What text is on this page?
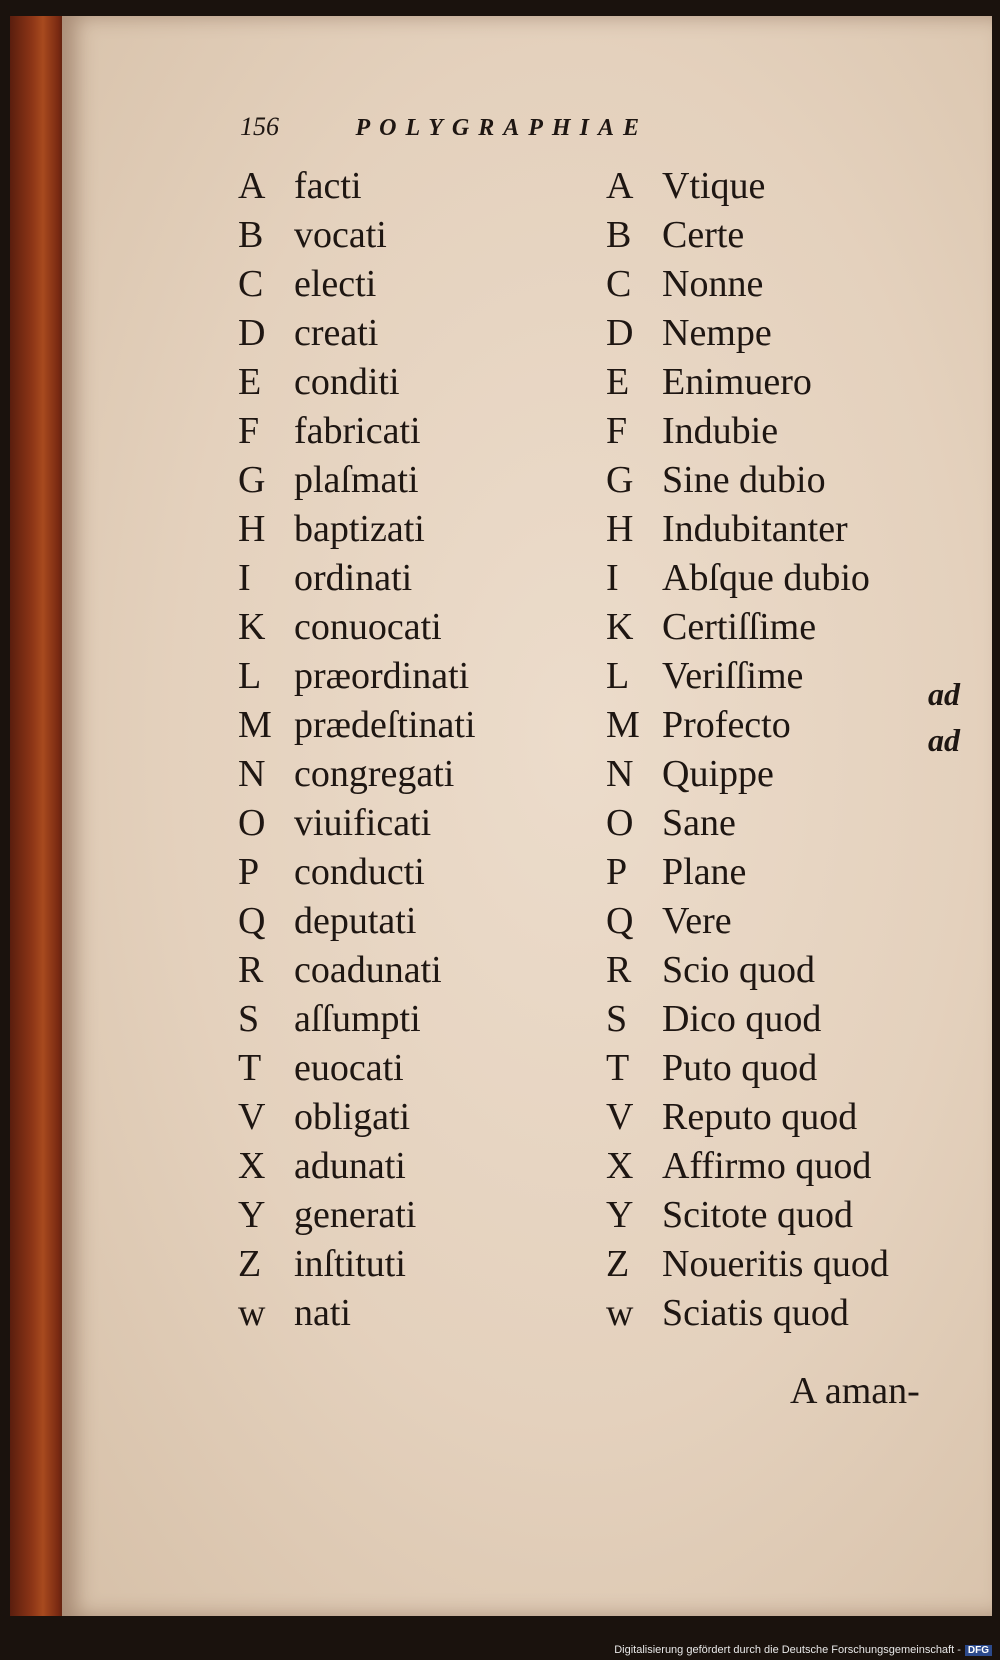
156	POLYGRAPHIAE
A facti
B vocati
C electi
D creati
E conditi
F fabricati
G plaſmati
H baptizati
I ordinati
K conuocati
L præordinati
M prædeſtinati
N congregati
O viuificati
P conducti
Q deputati
R coadunati
S aſſumpti
T euocati
V obligati
X adunati
Y generati
Z inſtituti
w nati
A Vtique
B Certe
C Nonne
D Nempe
E Enimuero
F Indubie
G Sine dubio
H Indubitanter
I Abſque dubio
K Certiſſime
L Veriſſime
M Profecto
N Quippe
O Sane
P Plane
Q Vere
R Scio quod
S Dico quod
T Puto quod
V Reputo quod
X Affirmo quod
Y Scitote quod
Z Noueritis quod
w Sciatis quod
ad
ad
A aman-
Digitalisierung gefördert durch die Deutsche Forschungsgemeinschaft - DFG
